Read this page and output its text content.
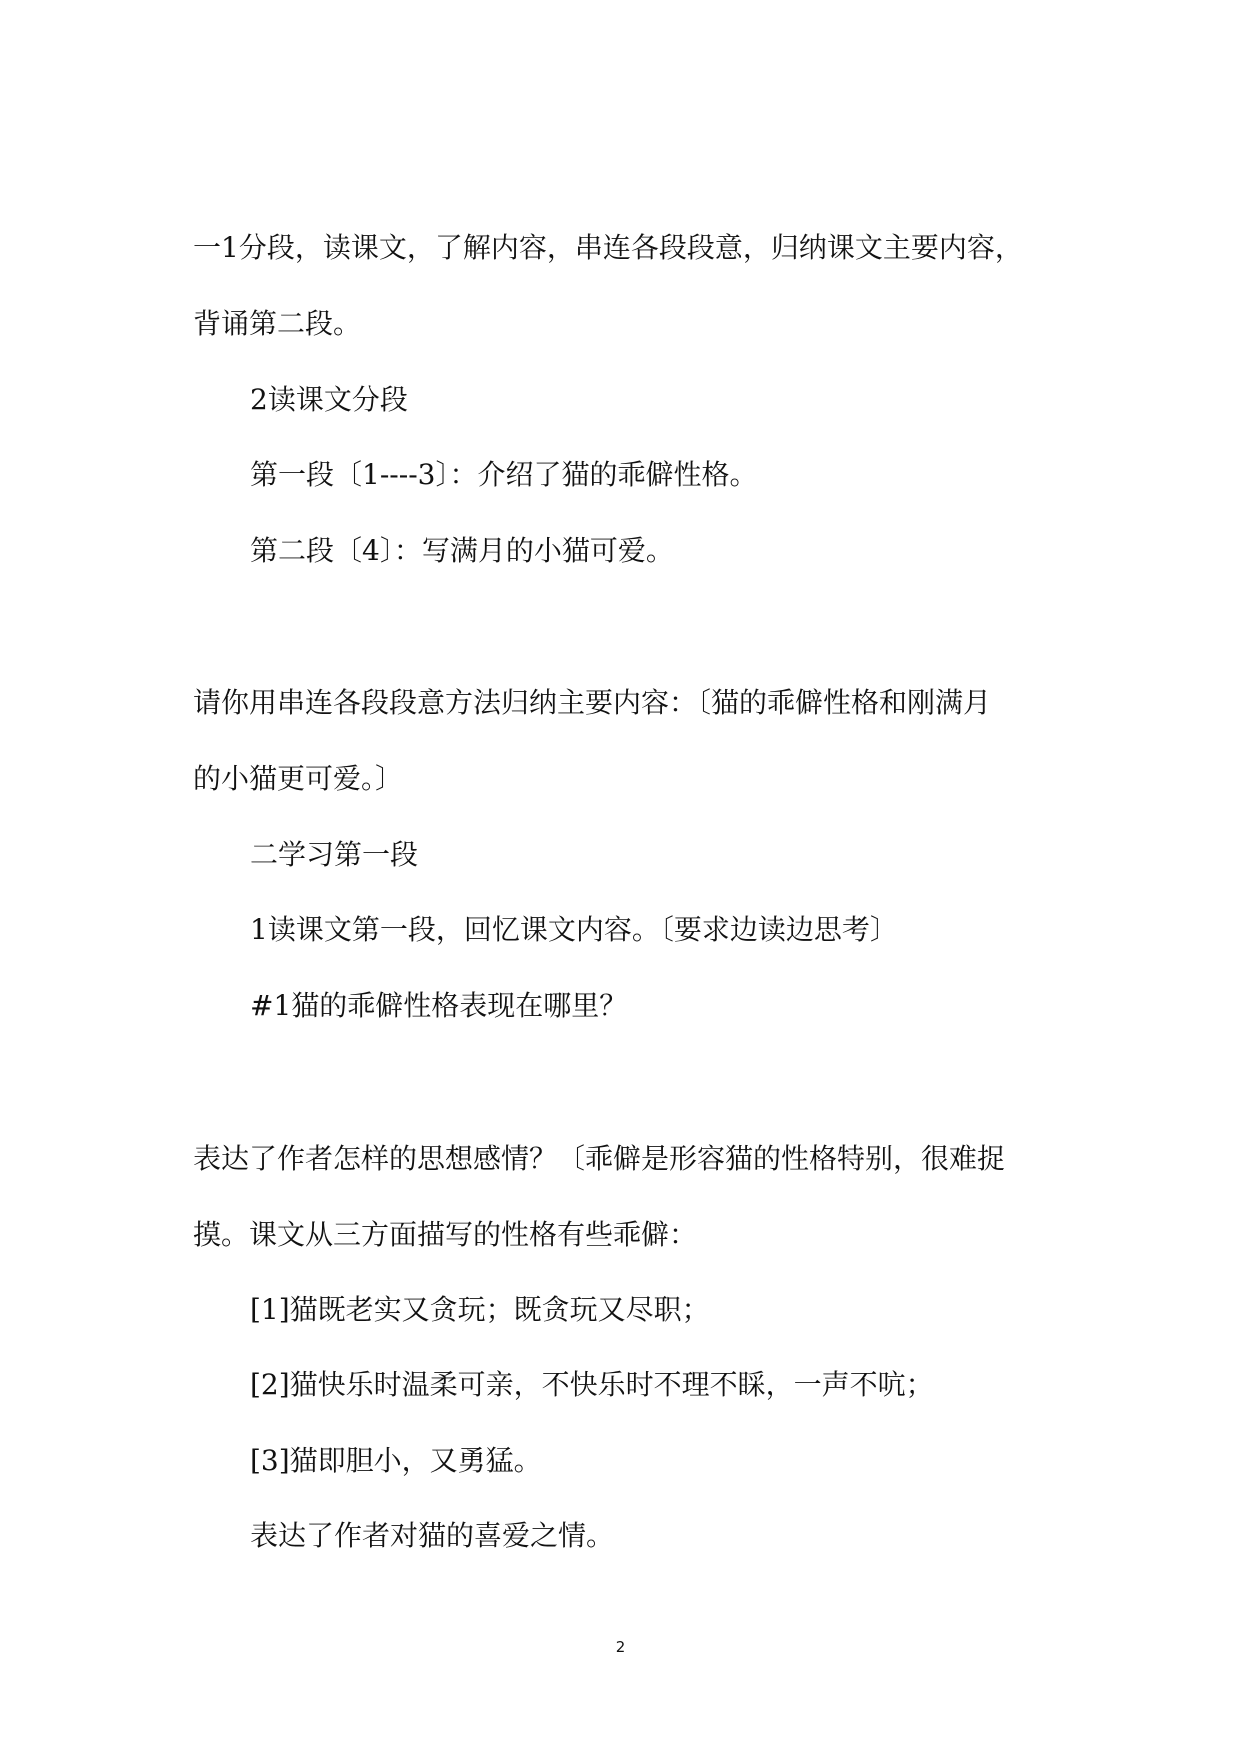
一1分段，读课文，了解内容，串连各段段意，归纳课文主要内容，

背诵第二段。

2读课文分段

第一段〔1----3〕：介绍了猫的乖僻性格。

第二段〔4〕：写满月的小猫可爱。

请你用串连各段段意方法归纳主要内容：〔猫的乖僻性格和刚满月

的小猫更可爱。〕

二学习第一段

1读课文第一段，回忆课文内容。〔要求边读边思考〕

#1猫的乖僻性格表现在哪里？

表达了作者怎样的思想感情？〔乖僻是形容猫的性格特别，很难捉

摸。课文从三方面描写的性格有些乖僻：

[1]猫既老实又贪玩；既贪玩又尽职；

[2]猫快乐时温柔可亲，不快乐时不理不睬，一声不吭；

[3]猫即胆小，又勇猛。

表达了作者对猫的喜爱之情。

2
